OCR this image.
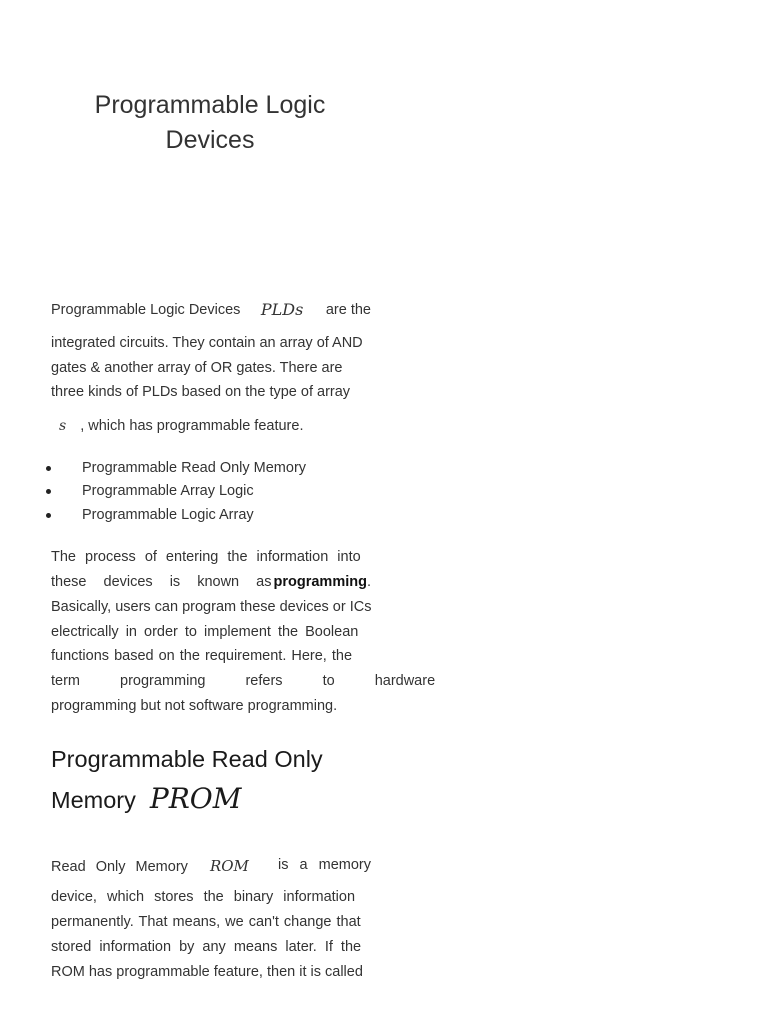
Programmable Logic
Devices
Programmable Logic Devices PLDs are the
integrated circuits. They contain an array of AND
gates & another array of OR gates. There are
three kinds of PLDs based on the type of array
s , which has programmable feature.
Programmable Read Only Memory
Programmable Array Logic
Programmable Logic Array
The process of entering the information into
these devices is known as programming.
Basically, users can program these devices or ICs
electrically in order to implement the Boolean
functions based on the requirement. Here, the
term programming refers to hardware
programming but not software programming.
Programmable Read Only
Memory PROM
Read Only Memory ROM is a memory
device, which stores the binary information
permanently. That means, we can't change that
stored information by any means later. If the
ROM has programmable feature, then it is called
